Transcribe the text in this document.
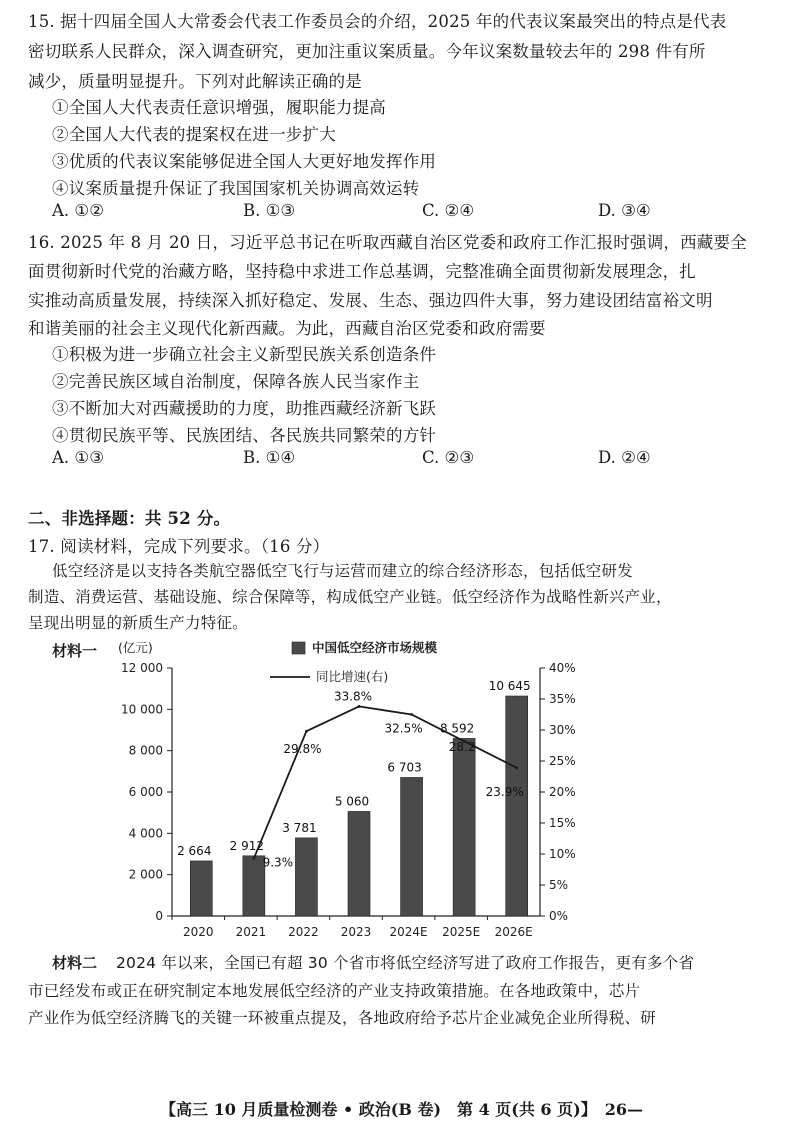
15. 据十四届全国人大常委会代表工作委员会的介绍，2025 年的代表议案最突出的特点是代表
密切联系人民群众，深入调查研究，更加注重议案质量。今年议案数量较去年的 298 件有所
减少，质量明显提升。下列对此解读正确的是
①全国人大代表责任意识增强，履职能力提高
②全国人大代表的提案权在进一步扩大
③优质的代表议案能够促进全国人大更好地发挥作用
④议案质量提升保证了我国国家机关协调高效运转
A. ①②	B. ①③	C. ②④	D. ③④
16. 2025 年 8 月 20 日，习近平总书记在听取西藏自治区党委和政府工作汇报时强调，西藏要全
面贯彻新时代党的治藏方略，坚持稳中求进工作总基调，完整准确全面贯彻新发展理念，扎
实推动高质量发展，持续深入抓好稳定、发展、生态、强边四件大事，努力建设团结富裕文明
和谐美丽的社会主义现代化新西藏。为此，西藏自治区党委和政府需要
①积极为进一步确立社会主义新型民族关系创造条件
②完善民族区域自治制度，保障各族人民当家作主
③不断加大对西藏援助的力度，助推西藏经济新飞跃
④贯彻民族平等、民族团结、各民族共同繁荣的方针
A. ①③	B. ①④	C. ②③	D. ②④
二、非选择题：共 52 分。
17. 阅读材料，完成下列要求。（16 分）
低空经济是以支持各类航空器低空飞行与运营而建立的综合经济形态，包括低空研发
制造、消费运营、基础设施、综合保障等，构成低空产业链。低空经济作为战略性新兴产业，
呈现出明显的新质生产力特征。
材料一
0
2 000
4 000
6 000
8 000
10 000
12 000
0%
5%
10%
15%
20%
25%
30%
35%
40%
(亿元)
2020 2021 2022 2023 2024E 2025E 2026E
2 664 2 912
3 781
5 060
6 703
8 592
10 645
9.3%
29.8%
33.8%
32.5%
28.2
23.9%
中国低空经济市场规模
同比增速(右)
材料二 2024 年以来，全国已有超 30 个省市将低空经济写进了政府工作报告，更有多个省
市已经发布或正在研究制定本地发展低空经济的产业支持政策措施。在各地政策中，芯片
产业作为低空经济腾飞的关键一环被重点提及，各地政府给予芯片企业减免企业所得税、研
【高三 10 月质量检测卷 • 政治(B 卷)　第 4 页(共 6 页)】　26—
